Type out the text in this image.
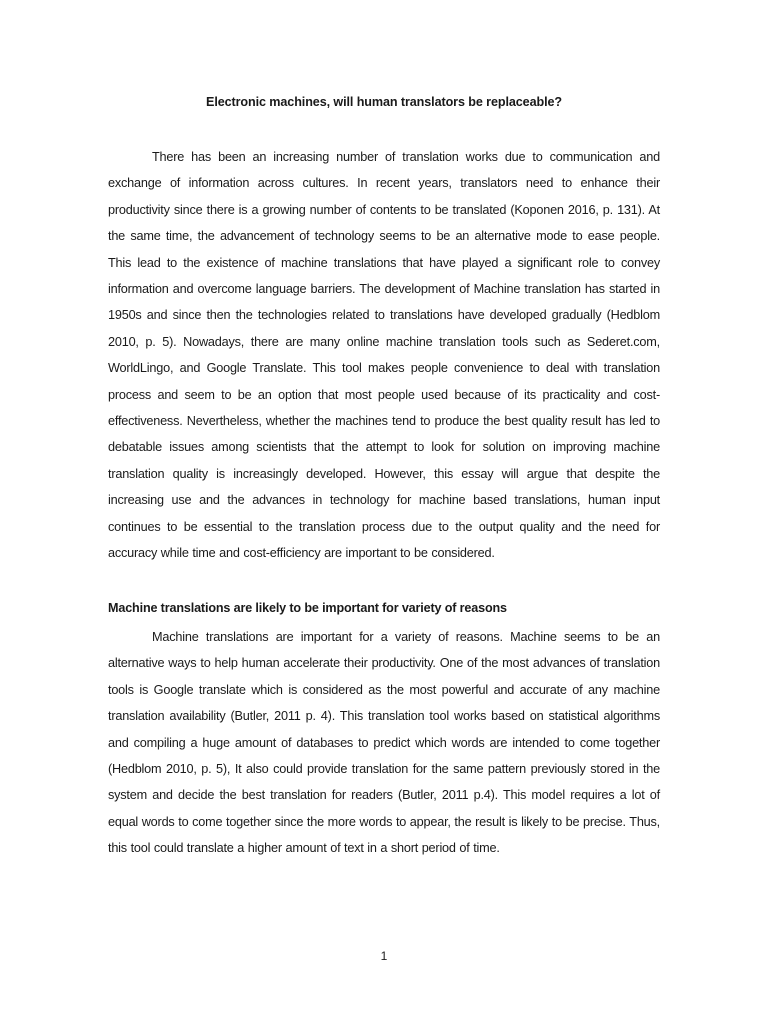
Electronic machines, will human translators be replaceable?

There has been an increasing number of translation works due to communication and exchange of information across cultures. In recent years, translators need to enhance their productivity since there is a growing number of contents to be translated (Koponen 2016, p. 131). At the same time, the advancement of technology seems to be an alternative mode to ease people. This lead to the existence of machine translations that have played a significant role to convey information and overcome language barriers. The development of Machine translation has started in 1950s and since then the technologies related to translations have developed gradually (Hedblom 2010, p. 5). Nowadays, there are many online machine translation tools such as Sederet.com, WorldLingo, and Google Translate. This tool makes people convenience to deal with translation process and seem to be an option that most people used because of its practicality and cost-effectiveness. Nevertheless, whether the machines tend to produce the best quality result has led to debatable issues among scientists that the attempt to look for solution on improving machine translation quality is increasingly developed. However, this essay will argue that despite the increasing use and the advances in technology for machine based translations, human input continues to be essential to the translation process due to the output quality and the need for accuracy while time and cost-efficiency are important to be considered.

Machine translations are likely to be important for variety of reasons

Machine translations are important for a variety of reasons. Machine seems to be an alternative ways to help human accelerate their productivity. One of the most advances of translation tools is Google translate which is considered as the most powerful and accurate of any machine translation availability (Butler, 2011 p. 4). This translation tool works based on statistical algorithms and compiling a huge amount of databases to predict which words are intended to come together (Hedblom 2010, p. 5), It also could provide translation for the same pattern previously stored in the system and decide the best translation for readers (Butler, 2011 p.4). This model requires a lot of equal words to come together since the more words to appear, the result is likely to be precise. Thus, this tool could translate a higher amount of text in a short period of time.

1
